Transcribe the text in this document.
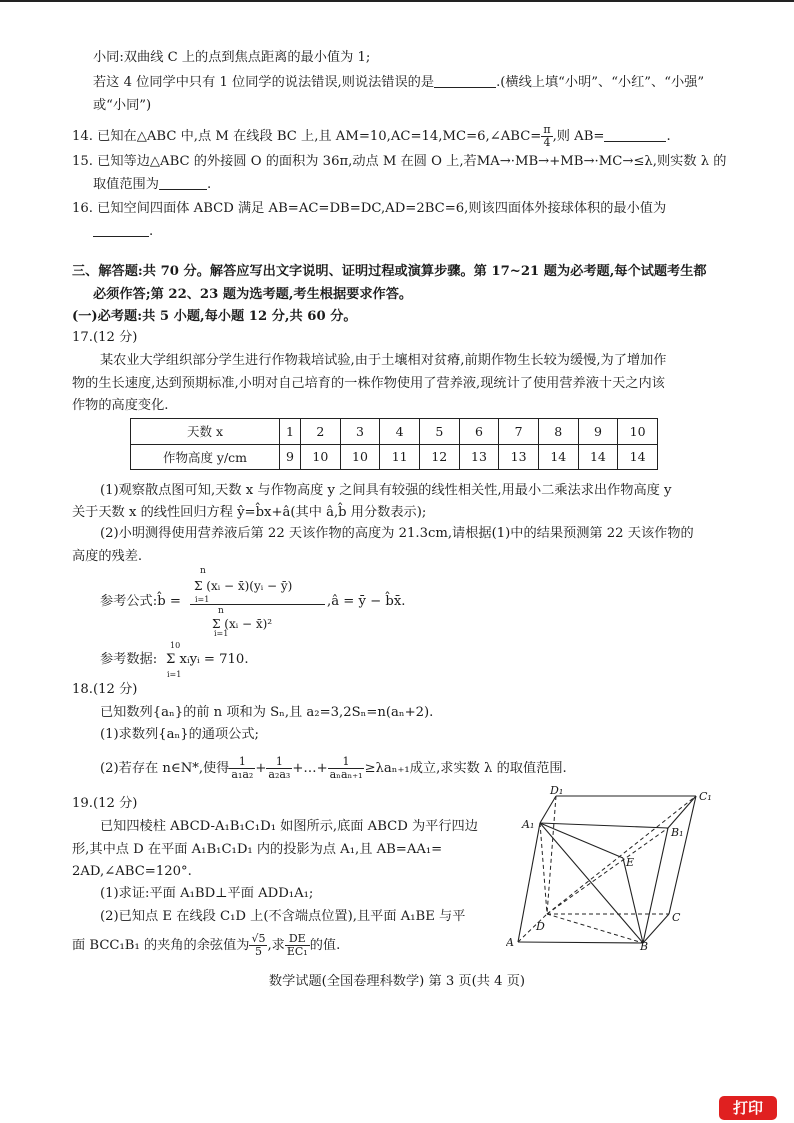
小同:双曲线 C 上的点到焦点距离的最小值为 1;
若这 4 位同学中只有 1 位同学的说法错误,则说法错误的是	.(横线上填“小明”、“小红”、“小强”
或“小同”)
14. 已知在△ABC 中,点 M 在线段 BC 上,且 AM=10,AC=14,MC=6,∠ABC= $\frac{\pi}{4}$ ,则 AB=	.
15. 已知等边△ABC 的外接圆 O 的面积为 36π,动点 M 在圆 O 上,若MA→·MB→+MB→·MC→≤λ,则实数 λ 的
取值范围为	.
16. 已知空间四面体 ABCD 满足 AB=AC=DB=DC,AD=2BC=6,则该四面体外接球体积的最小值为
.
三、解答题:共 70 分。解答应写出文字说明、证明过程或演算步骤。第 17~21 题为必考题,每个试题考生都
必须作答;第 22、23 题为选考题,考生根据要求作答。
(一)必考题:共 5 小题,每小题 12 分,共 60 分。
17.(12 分)
某农业大学组织部分学生进行作物栽培试验,由于土壤相对贫瘠,前期作物生长较为缓慢,为了增加作
物的生长速度,达到预期标准,小明对自己培育的一株作物使用了营养液,现统计了使用营养液十天之内该
作物的高度变化.
天数 x	1	2	3	4	5	6	7	8	9	10
作物高度 y/cm	9	10	10	11	12	13	13	14	14	14
(1)观察散点图可知,天数 x 与作物高度 y 之间具有较强的线性相关性,用最小二乘法求出作物高度 y
关于天数 x 的线性回归方程 ŷ=b̂x+â(其中 â,b̂ 用分数表示);
(2)小明测得使用营养液后第 22 天该作物的高度为 21.3cm,请根据(1)中的结果预测第 22 天该作物的
高度的残差.
参考公式:b̂ =
n
Σ (xᵢ − x̄)(yᵢ − ȳ)
i=1
n
Σ (xᵢ − x̄)²
i=1
,â = ȳ − b̂x̄.
参考数据:
10
Σ xᵢyᵢ = 710.
i=1
18.(12 分)
已知数列{aₙ}的前 n 项和为 Sₙ,且 a₂=3,2Sₙ=n(aₙ+2).
(1)求数列{aₙ}的通项公式;
(2)若存在 n∈N*,使得 $\frac{1}{\text{a₁a₂}} + \frac{1}{\text{a₂a₃}}$ +…+ $\frac{1}{\text{aₙaₙ₊₁}} \ge\lambda a_{n+1}$成立,求实数 λ 的取值范围.
19.(12 分)
已知四棱柱 ABCD-A₁B₁C₁D₁ 如图所示,底面 ABCD 为平行四边
形,其中点 D 在平面 A₁B₁C₁D₁ 内的投影为点 A₁,且 AB=AA₁=
2AD,∠ABC=120°.
(1)求证:平面 A₁BD⊥平面 ADD₁A₁;
(2)已知点 E 在线段 C₁D 上(不含端点位置),且平面 A₁BE 与平
面 BCC₁B₁ 的夹角的余弦值为 $\frac{√5}{5}$ ,求 $\frac{DE}{\text{EC₁}}$ 的值.
D₁	C₁
A₁
B₁
E
D
C
A	B
数学试题(全国卷理科数学) 第 3 页(共 4 页)
打印
